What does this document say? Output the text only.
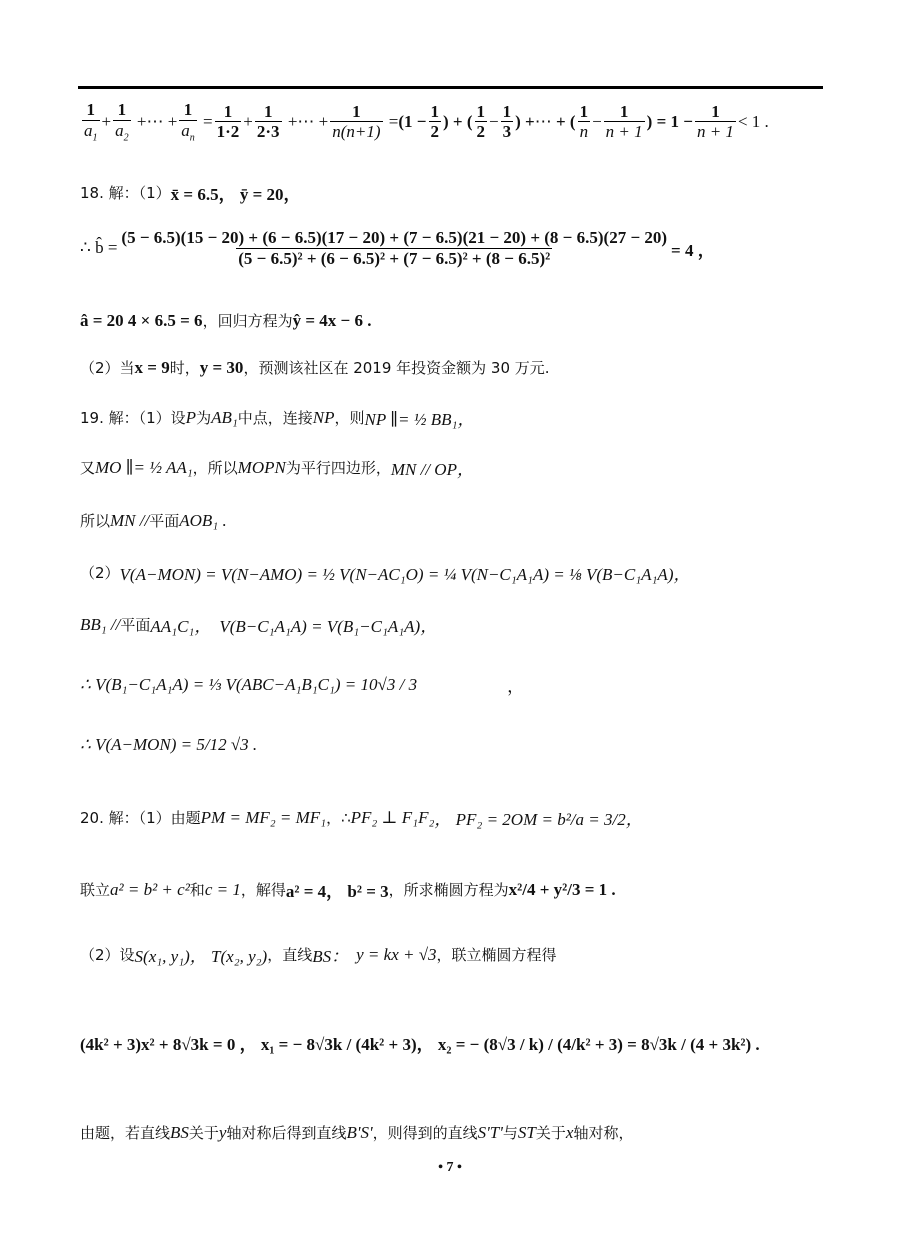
$\frac{1}{a_1} + \frac{1}{a_2}$ + ⋯ + $\frac{1}{a_n} = \frac{1}{1\cdot 2} + \frac{1}{2\cdot 3}$ + ⋯ + $\frac{1}{n(n+1)} = (1 - \frac{1}{2}$ ) + ( $\frac{1}{2} - \frac{1}{3}$ ) + ⋯ + ( $\frac{1}{n} - \frac{1}{n + 1}$ ) = $1 - \frac{1}{n + 1} < 1$ .
18. 解：（1） x̄ = 6.5， ȳ = 20，
∴ b̂ =
(5 − 6.5)(15 − 20) + (6 − 6.5)(17 − 20) + (7 − 6.5)(21 − 20) + (8 − 6.5)(27 − 20)
(5 − 6.5)² + (6 − 6.5)² + (7 − 6.5)² + (8 − 6.5)²	= 4 ，
â = 20 4 × 6.5 = 6 ，回归方程为 ŷ = 4x − 6 .
（2）当 x = 9 时， y = 30 ，预测该社区在 2019 年投资金额为 30 万元.
19. 解：（1）设 P 为 AB₁ 中点，连接 NP ，则 NP ∥= ½ BB₁，
又 MO ∥= ½ AA₁ ，所以 MOPN 为平行四边形， MN // OP，
所以 MN // 平面 AOB₁ .
（2） V(A−MON) = V(N−AMO) = ½ V(N−AC₁O) = ¼ V(N−C₁A₁A) = ⅛ V(B−C₁A₁A)，
BB₁ // 平面 AA₁C₁， V(B−C₁A₁A) = V(B₁−C₁A₁A)，
∴ V(B₁−C₁A₁A) = ⅓ V(ABC−A₁B₁C₁) = 10√3 / 3	，
∴ V(A−MON) = 5/12 √3 .
20. 解：（1）由题 PM = MF₂ = MF₁ ，∴ PF₂ ⊥ F₁F₂ ， PF₂ = 2OM = b²/a = 3/2，
联立 a² = b² + c² 和 c = 1 ，解得 a² = 4， b² = 3 ，所求椭圆方程为 x²/4 + y²/3 = 1 .
（2）设 S(x₁, y₁)， T(x₂, y₂) ，直线 BS： y = kx + √3 ，联立椭圆方程得
(4k² + 3)x² + 8√3k = 0 ， x₁ = − 8√3k / (4k² + 3)， x₂ = − (8√3 / k) / (4/k² + 3) = 8√3k / (4 + 3k²) .
由题，若直线 BS 关于 y 轴对称后得到直线 B'S' ，则得到的直线 S'T' 与 ST 关于 x 轴对称，
• 7 •
